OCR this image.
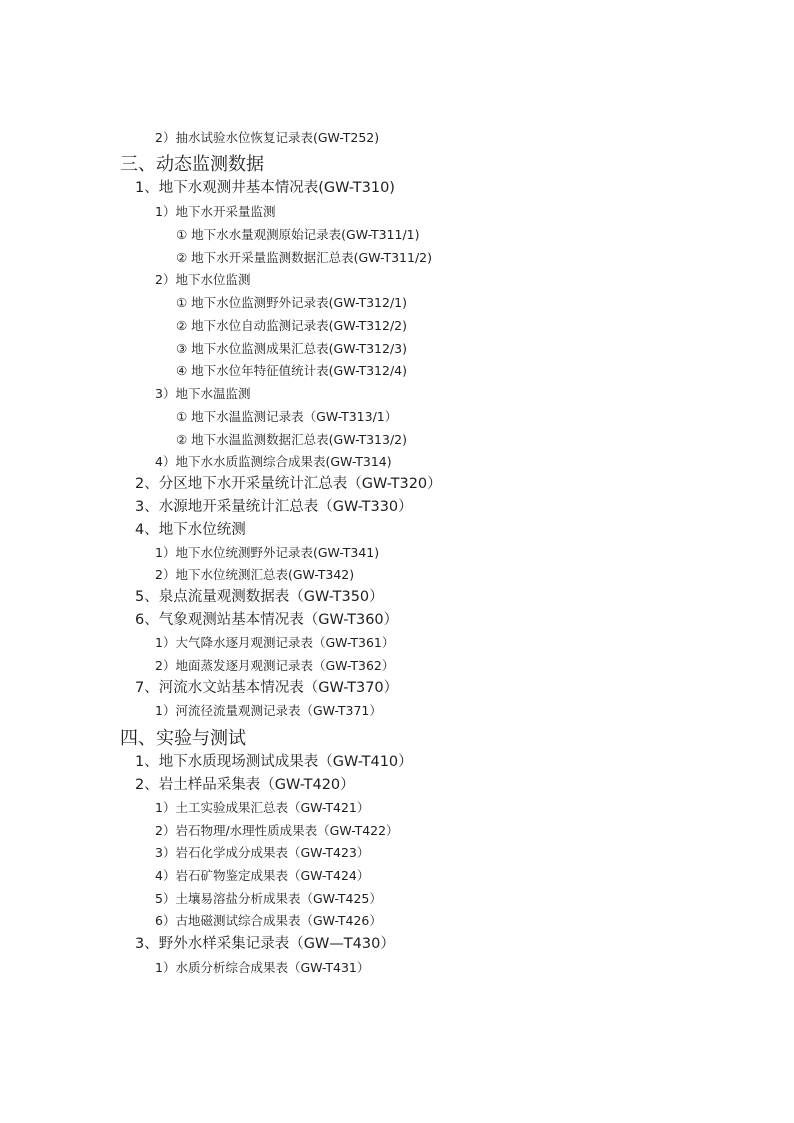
2）抽水试验水位恢复记录表(GW-T252)
三、动态监测数据
1、地下水观测井基本情况表(GW-T310)
1）地下水开采量监测
① 地下水水量观测原始记录表(GW-T311/1)
② 地下水开采量监测数据汇总表(GW-T311/2)
2）地下水位监测
① 地下水位监测野外记录表(GW-T312/1)
② 地下水位自动监测记录表(GW-T312/2)
③ 地下水位监测成果汇总表(GW-T312/3)
④ 地下水位年特征值统计表(GW-T312/4)
3）地下水温监测
① 地下水温监测记录表（GW-T313/1）
② 地下水温监测数据汇总表(GW-T313/2)
4）地下水水质监测综合成果表(GW-T314)
2、分区地下水开采量统计汇总表（GW-T320）
3、水源地开采量统计汇总表（GW-T330）
4、地下水位统测
1）地下水位统测野外记录表(GW-T341)
2）地下水位统测汇总表(GW-T342)
5、泉点流量观测数据表（GW-T350）
6、气象观测站基本情况表（GW-T360）
1）大气降水逐月观测记录表（GW-T361）
2）地面蒸发逐月观测记录表（GW-T362）
7、河流水文站基本情况表（GW-T370）
1）河流径流量观测记录表（GW-T371）
四、实验与测试
1、地下水质现场测试成果表（GW-T410）
2、岩土样品采集表（GW-T420）
1）土工实验成果汇总表（GW-T421）
2）岩石物理/水理性质成果表（GW-T422）
3）岩石化学成分成果表（GW-T423）
4）岩石矿物鉴定成果表（GW-T424）
5）土壤易溶盐分析成果表（GW-T425）
6）古地磁测试综合成果表（GW-T426）
3、野外水样采集记录表（GW—T430）
1）水质分析综合成果表（GW-T431）
